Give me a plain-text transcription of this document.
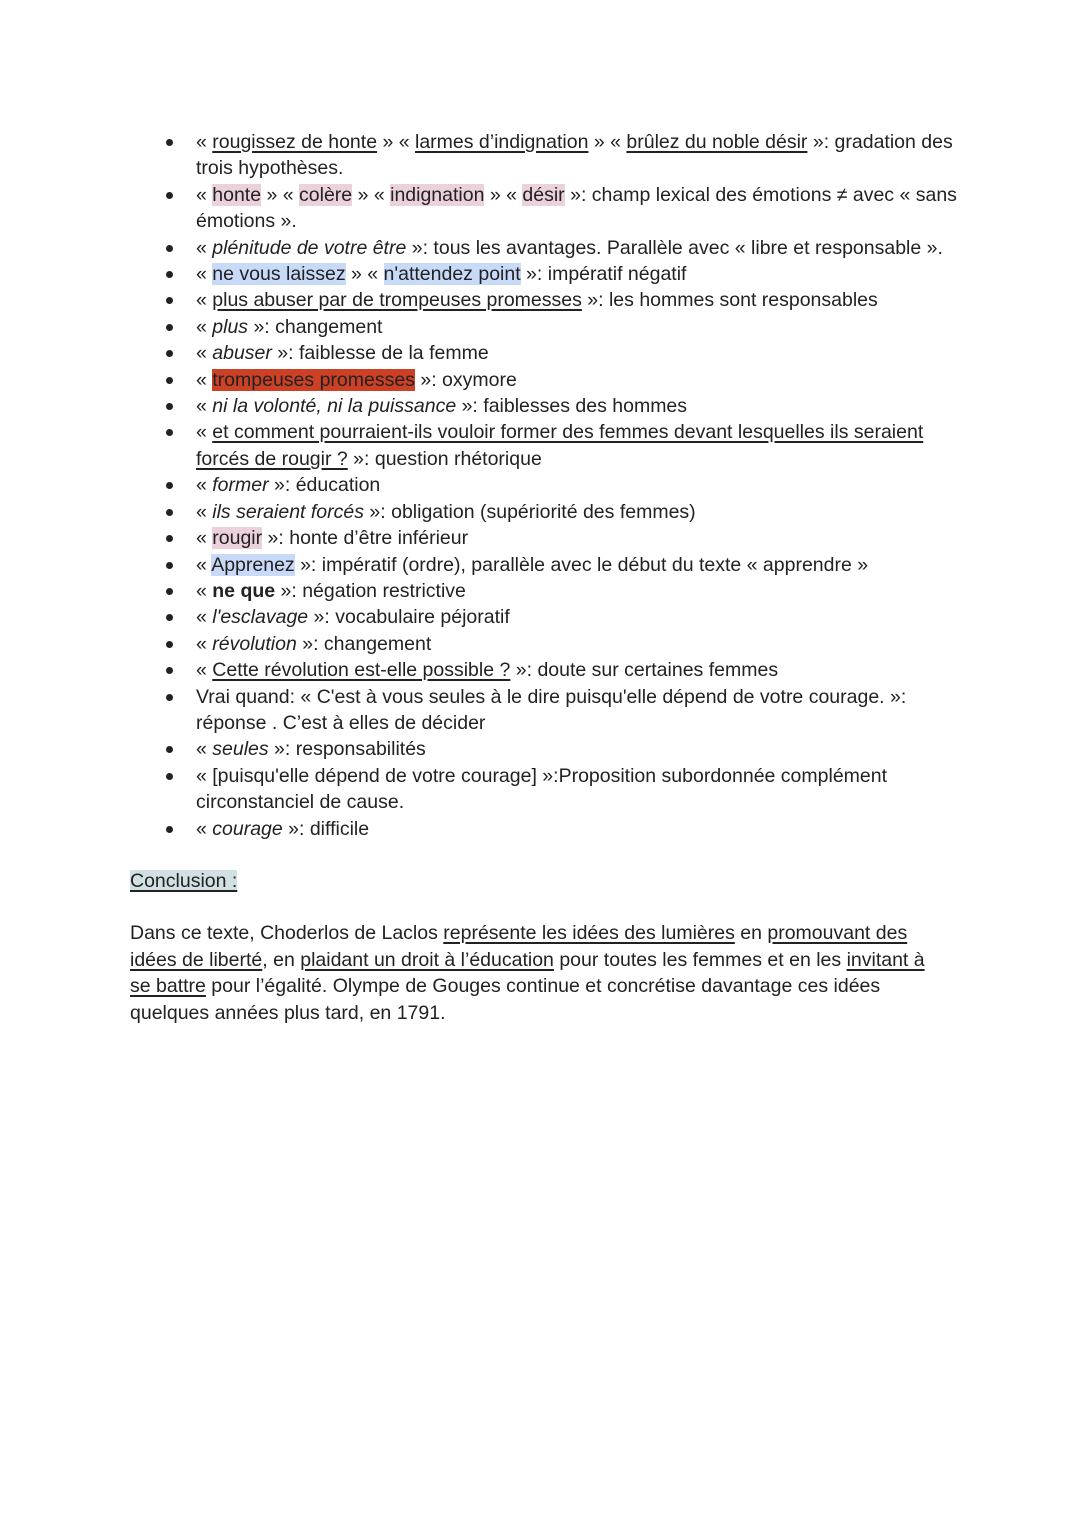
« rougissez de honte » « larmes d’indignation » « brûlez du noble désir »: gradation des trois hypothèses.
« honte » « colère » « indignation » « désir »: champ lexical des émotions ≠ avec « sans émotions ».
« plénitude de votre être »: tous les avantages. Parallèle avec « libre et responsable ».
« ne vous laissez » « n'attendez point »: impératif négatif
« plus abuser par de trompeuses promesses »: les hommes sont responsables
« plus »: changement
« abuser »: faiblesse de la femme
« trompeuses promesses »: oxymore
« ni la volonté, ni la puissance »: faiblesses des hommes
« et comment pourraient-ils vouloir former des femmes devant lesquelles ils seraient forcés de rougir ? »: question rhétorique
« former »: éducation
« ils seraient forcés »: obligation (supériorité des femmes)
« rougir »: honte d’être inférieur
« Apprenez »: impératif (ordre), parallèle avec le début du texte « apprendre »
« ne que »: négation restrictive
« l'esclavage »: vocabulaire péjoratif
« révolution »: changement
« Cette révolution est-elle possible ? »: doute sur certaines femmes
Vrai quand: « C'est à vous seules à le dire puisqu'elle dépend de votre courage. »: réponse . C’est à elles de décider
« seules »: responsabilités
« [puisqu'elle dépend de votre courage] »:Proposition subordonnée complément circonstanciel de cause.
« courage »: difficile
Conclusion :

Dans ce texte, Choderlos de Laclos représente les idées des lumières en promouvant des idées de liberté, en plaidant un droit à l’éducation pour toutes les femmes et en les invitant à se battre pour l’égalité. Olympe de Gouges continue et concrétise davantage ces idées quelques années plus tard, en 1791.
